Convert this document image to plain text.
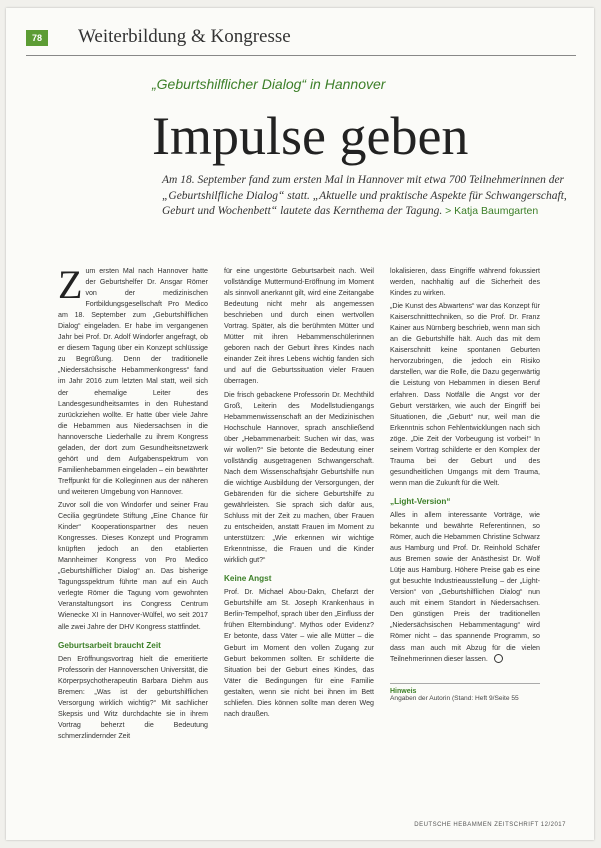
78	Weiterbildung & Kongresse
„Geburtshilflicher Dialog“ in Hannover
Impulse geben
Am 18. September fand zum ersten Mal in Hannover mit etwa 700 Teilnehmerinnen der „Geburtshilfliche Dialog“ statt. „Aktuelle und praktische Aspekte für Schwangerschaft, Geburt und Wochenbett“ lautete das Kernthema der Tagung. > Katja Baumgarten

Zum ersten Mal nach Hannover hatte der Geburtshelfer Dr. Ansgar Römer von der medizinischen Fortbildungsgesellschaft Pro Medico am 18. September zum „Geburtshilflichen Dialog“ eingeladen. Er habe im vergangenen Jahr bei Prof. Dr. Adolf Windorfer angefragt, ob er diesem Tagung über ein Konzept schlüssige zu Begrüßung. Denn der traditionelle „Niedersächsische Hebammenkongress“ fand im Jahr 2016 zum letzten Mal statt, weil sich der ehemalige Leiter des Landesgesundheitsamtes in den Ruhestand zurückziehen wollte. Er hatte über viele Jahre die Hebammen aus Niedersachsen in die hannoversche Liederhalle zu ihrem Kongress geladen, der dort zum Gesundheitsnetzwerk gehört und dem Aufgabenspektrum von Familienhebammen eingeladen – ein bewährter Treffpunkt für die Kolleginnen aus der näheren und weiteren Umgebung von Hannover.

Zuvor soll die von Windorfer und seiner Frau Cecilia gegründete Stiftung „Eine Chance für Kinder“ Kooperationspartner des neuen Kongresses. Dieses Konzept und Programm knüpften jedoch an den etablierten Mannheimer Kongress von Pro Medico „Geburtshilflicher Dialog“ an. Das bisherige Tagungsspektrum führte man auf ein Auch verlegte Römer die Tagung vom gewohnten Veranstaltungsort ins Congress Centrum Wienecke XI in Hannover-Wülfel, wo seit 2017 alle zwei Jahre der DHV Kongress stattfindet.

Geburtsarbeit braucht Zeit

Den Eröffnungsvortrag hielt die emeritierte Professorin der Hannoverschen Universität, die Körperpsychotherapeutin Barbara Diehm aus Bremen: „Was ist der geburtshilflichen Versorgung wirklich wichtig?“ Mit sachlicher Skepsis und Witz durchdachte sie in ihrem Vortrag beherzt die Bedeutung schmerzlindernder Zeit

für eine ungestörte Geburtsarbeit nach. Weil vollständige Muttermund-Eröffnung im Moment als sinnvoll anerkannt gilt, wird eine Zeitangabe Bedeutung nicht mehr als angemessen beschrieben und durch einen wertvollen Vortrag. Später, als die berühmten Mütter und Mütter mit ihren Hebammenschülerinnen geboren nach der Geburt ihres Kindes nach einander Zeit ihres Lebens wichtig fanden sich und auf die Geburtssituation vieler Frauen überragen.

Die frisch gebackene Professorin Dr. Mechthild Groß, Leiterin des Modellstudiengangs Hebammenwissenschaft an der Medizinischen Hochschule Hannover, sprach anschließend über „Hebammenarbeit: Suchen wir das, was wir wollen?“ Sie betonte die Bedeutung einer vollständig ausgetragenen Schwangerschaft. Nach dem Wissenschaftsjahr Geburtshilfe nun die wichtige Ausbildung der Versorgungen, der Gebärenden für die sichere Geburtshilfe zu gewährleisten. Sie sprach sich dafür aus, Schluss mit der Zeit zu machen, über Frauen zu entscheiden, anstatt Frauen im Moment zu unterstützen: „Wie erkennen wir wichtige Erkenntnisse, die Frauen und die Kinder wirklich gut?“

Keine Angst

Prof. Dr. Michael Abou-Dakn, Chefarzt der Geburtshilfe am St. Joseph Krankenhaus in Berlin-Tempelhof, sprach über den „Einfluss der frühen Elternbindung“. Mythos oder Evidenz? Er betonte, dass Väter – wie alle Mütter – die Geburt im Moment den vollen Zugang zur Geburt bekommen sollten. Er schilderte die Situation bei der Geburt eines Kindes, das Väter die Bedingungen für eine Familie gestalten, wenn sie nicht bei ihnen im Bett schliefen. Dies können sollte man deren Weg nach draußen.

lokalisieren, dass Eingriffe während fokussiert werden, nachhaltig auf die Sicherheit des Kindes zu wirken.

„Die Kunst des Abwartens“ war das Konzept für Kaiserschnitttechniken, so die Prof. Dr. Franz Kainer aus Nürnberg beschrieb, wenn man sich an die Geburtshilfe hält. Auch das mit dem Kaiserschnitt keine spontanen Geburten hervorzubringen, die jedoch ein Risiko darstellen, war die Rolle, die Dazu gegenwärtig die Leistung von Hebammen in diesen Beruf erfahren. Dass Notfälle die Angst vor der Geburt verstärken, wie auch der Eingriff bei Situationen, die „Geburt“ nur, weil man die Erkenntnis schon Fehlentwicklungen nach sich zöge. „Die Zeit der Vorbeugung ist vorbei!“ In seinem Vortrag schilderte er den Komplex der Trauma bei der Geburt und des gesundheitlichen Umgangs mit dem Trauma, wenn man die Zukunft für die Welt.

„Light-Version“

Alles in allem interessante Vorträge, wie bekannte und bewährte Referentinnen, so Römer, auch die Hebammen Christine Schwarz aus Hamburg und Prof. Dr. Reinhold Schäfer aus Bremen sowie der Anästhesist Dr. Wolf Lütje aus Hamburg. Höhere Preise gab es eine gut besuchte Industrieausstellung – der „Light-Version“ von „Geburtshilflichen Dialog“ nun auch mit einem Standort in Niedersachsen. Den günstigen Preis der traditionellen „Niedersächsischen Hebammentagung“ wird Römer nicht – das spannende Programm, so dass man auch mit Abzug für die vielen Teilnehmerinnen dieser lassen.

Hinweis
Angaben der Autorin (Stand: Heft 9/Seite 55
DEUTSCHE HEBAMMEN ZEITSCHRIFT 12/2017
